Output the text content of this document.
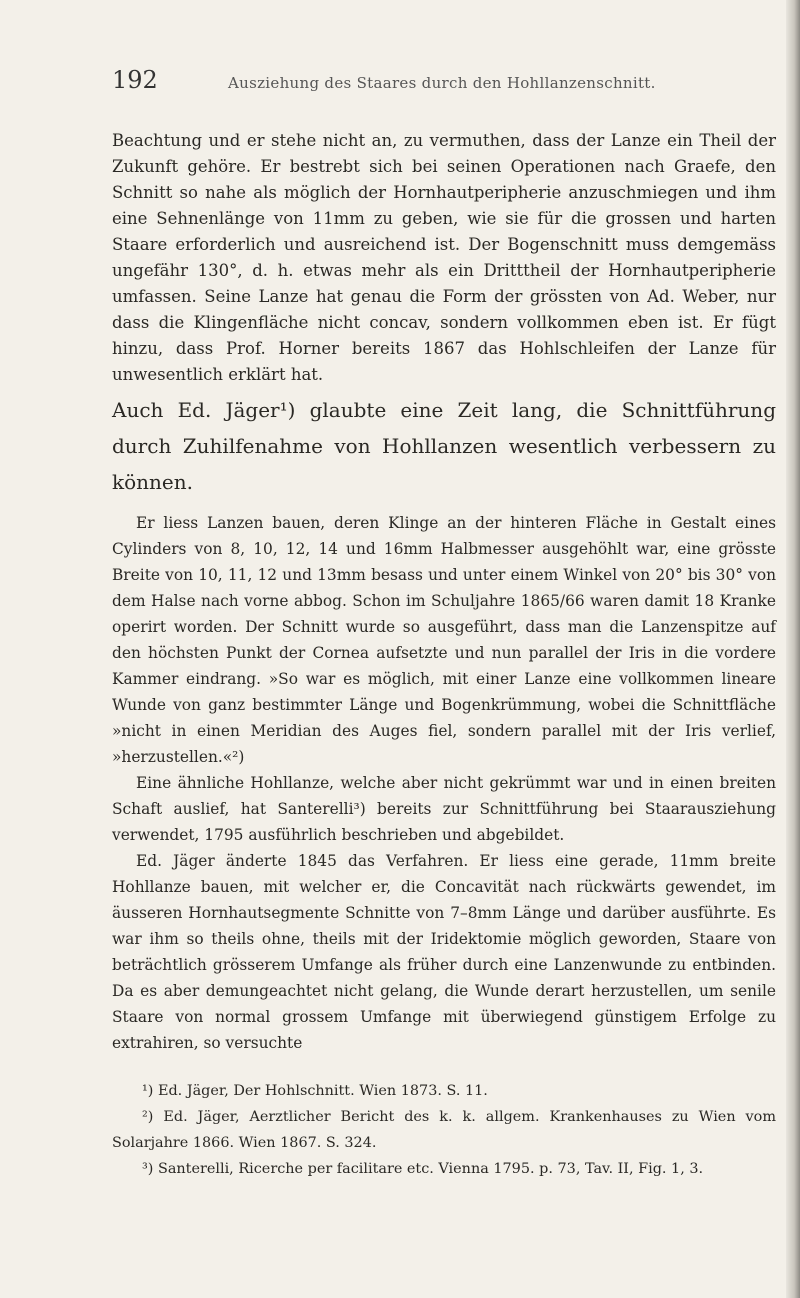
192	Ausziehung des Staares durch den Hohllanzenschnitt.

Beachtung und er stehe nicht an, zu vermuthen, dass der Lanze ein Theil der Zukunft gehöre. Er bestrebt sich bei seinen Operationen nach Graefe, den Schnitt so nahe als möglich der Hornhautperipherie anzuschmiegen und ihm eine Sehnenlänge von 11mm zu geben, wie sie für die grossen und harten Staare erforderlich und ausreichend ist. Der Bogenschnitt muss demgemäss ungefähr 130°, d. h. etwas mehr als ein Dritttheil der Hornhautperipherie umfassen. Seine Lanze hat genau die Form der grössten von Ad. Weber, nur dass die Klingenfläche nicht concav, sondern vollkommen eben ist. Er fügt hinzu, dass Prof. Horner bereits 1867 das Hohlschleifen der Lanze für unwesentlich erklärt hat.

Auch Ed. Jäger¹) glaubte eine Zeit lang, die Schnittführung durch Zuhilfenahme von Hohllanzen wesentlich verbessern zu können.

Er liess Lanzen bauen, deren Klinge an der hinteren Fläche in Gestalt eines Cylinders von 8, 10, 12, 14 und 16mm Halbmesser ausgehöhlt war, eine grösste Breite von 10, 11, 12 und 13mm besass und unter einem Winkel von 20° bis 30° von dem Halse nach vorne abbog. Schon im Schuljahre 1865/66 waren damit 18 Kranke operirt worden. Der Schnitt wurde so ausgeführt, dass man die Lanzenspitze auf den höchsten Punkt der Cornea aufsetzte und nun parallel der Iris in die vordere Kammer eindrang. »So war es möglich, mit einer Lanze eine vollkommen lineare Wunde von ganz bestimmter Länge und Bogenkrümmung, wobei die Schnittfläche »nicht in einen Meridian des Auges fiel, sondern parallel mit der Iris verlief, »herzustellen.«²)

Eine ähnliche Hohllanze, welche aber nicht gekrümmt war und in einen breiten Schaft auslief, hat Santerelli³) bereits zur Schnittführung bei Staarausziehung verwendet, 1795 ausführlich beschrieben und abgebildet.

Ed. Jäger änderte 1845 das Verfahren. Er liess eine gerade, 11mm breite Hohllanze bauen, mit welcher er, die Concavität nach rückwärts gewendet, im äusseren Hornhautsegmente Schnitte von 7–8mm Länge und darüber ausführte. Es war ihm so theils ohne, theils mit der Iridektomie möglich geworden, Staare von beträchtlich grösserem Umfange als früher durch eine Lanzenwunde zu entbinden. Da es aber demungeachtet nicht gelang, die Wunde derart herzustellen, um senile Staare von normal grossem Umfange mit überwiegend günstigem Erfolge zu extrahiren, so versuchte

¹) Ed. Jäger, Der Hohlschnitt. Wien 1873. S. 11.

²) Ed. Jäger, Aerztlicher Bericht des k. k. allgem. Krankenhauses zu Wien vom Solarjahre 1866. Wien 1867. S. 324.

³) Santerelli, Ricerche per facilitare etc. Vienna 1795. p. 73, Tav. II, Fig. 1, 3.
